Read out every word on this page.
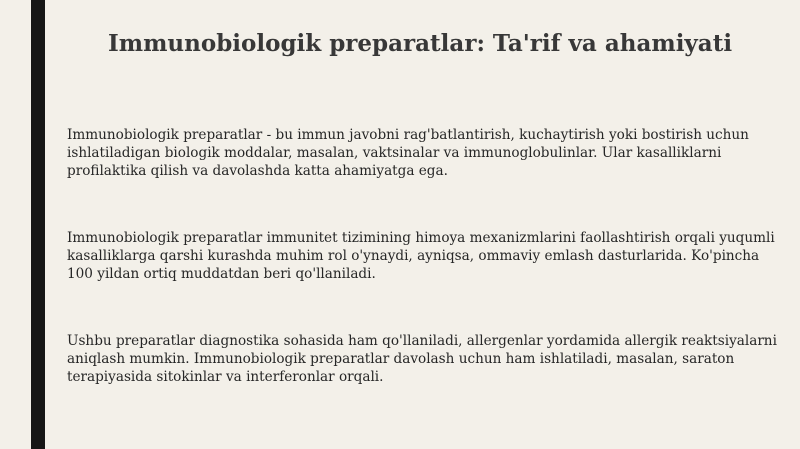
Immunobiologik preparatlar: Ta'rif va ahamiyati

Immunobiologik preparatlar - bu immun javobni rag'batlantirish, kuchaytirish yoki bostirish uchun ishlatiladigan biologik moddalar, masalan, vaktsinalar va immunoglobulinlar. Ular kasalliklarni profilaktika qilish va davolashda katta ahamiyatga ega.

Immunobiologik preparatlar immunitet tizimining himoya mexanizmlarini faollashtirish orqali yuqumli kasalliklarga qarshi kurashda muhim rol o'ynaydi, ayniqsa, ommaviy emlash dasturlarida. Ko'pincha 100 yildan ortiq muddatdan beri qo'llaniladi.

Ushbu preparatlar diagnostika sohasida ham qo'llaniladi, allergenlar yordamida allergik reaktsiyalarni aniqlash mumkin. Immunobiologik preparatlar davolash uchun ham ishlatiladi, masalan, saraton terapiyasida sitokinlar va interferonlar orqali.
